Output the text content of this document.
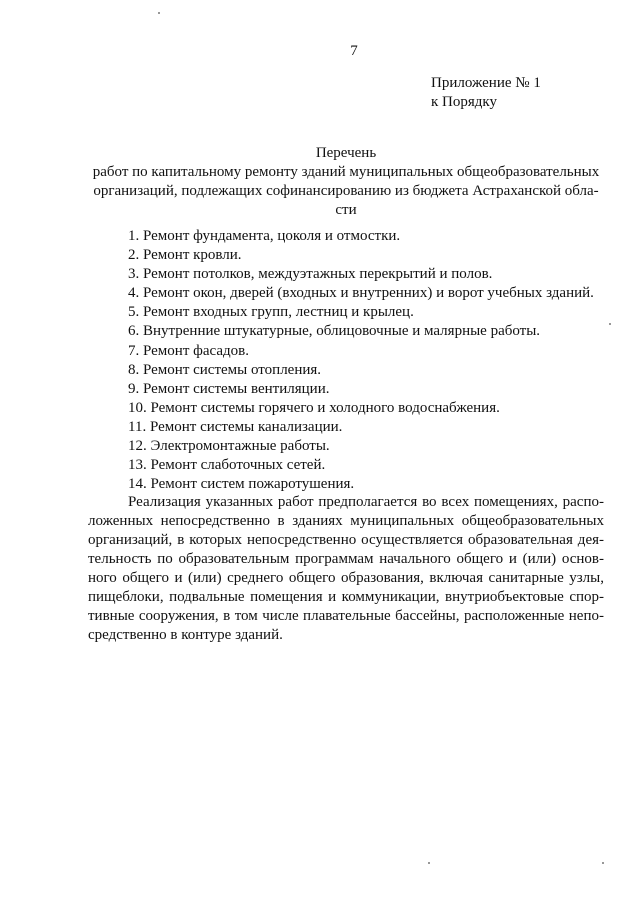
7
Приложение № 1
к Порядку
Перечень
работ по капитальному ремонту зданий муниципальных общеобразовательных организаций, подлежащих софинансированию из бюджета Астраханской обла-сти
1. Ремонт фундамента, цоколя и отмостки.
2. Ремонт кровли.
3. Ремонт потолков, междуэтажных перекрытий и полов.
4. Ремонт окон, дверей (входных и внутренних) и ворот учебных зданий.
5. Ремонт входных групп, лестниц и крылец.
6. Внутренние штукатурные, облицовочные и малярные работы.
7. Ремонт фасадов.
8. Ремонт системы отопления.
9. Ремонт системы вентиляции.
10. Ремонт системы горячего и холодного водоснабжения.
11. Ремонт системы канализации.
12. Электромонтажные работы.
13. Ремонт слаботочных сетей.
14. Ремонт систем пожаротушения.

Реализация указанных работ предполагается во всех помещениях, распо-ложенных непосредственно в зданиях муниципальных общеобразовательных организаций, в которых непосредственно осуществляется образовательная дея-тельность по образовательным программам начального общего и (или) основ-ного общего и (или) среднего общего образования, включая санитарные узлы, пищеблоки, подвальные помещения и коммуникации, внутриобъектовые спор-тивные сооружения, в том числе плавательные бассейны, расположенные непо-средственно в контуре зданий.
